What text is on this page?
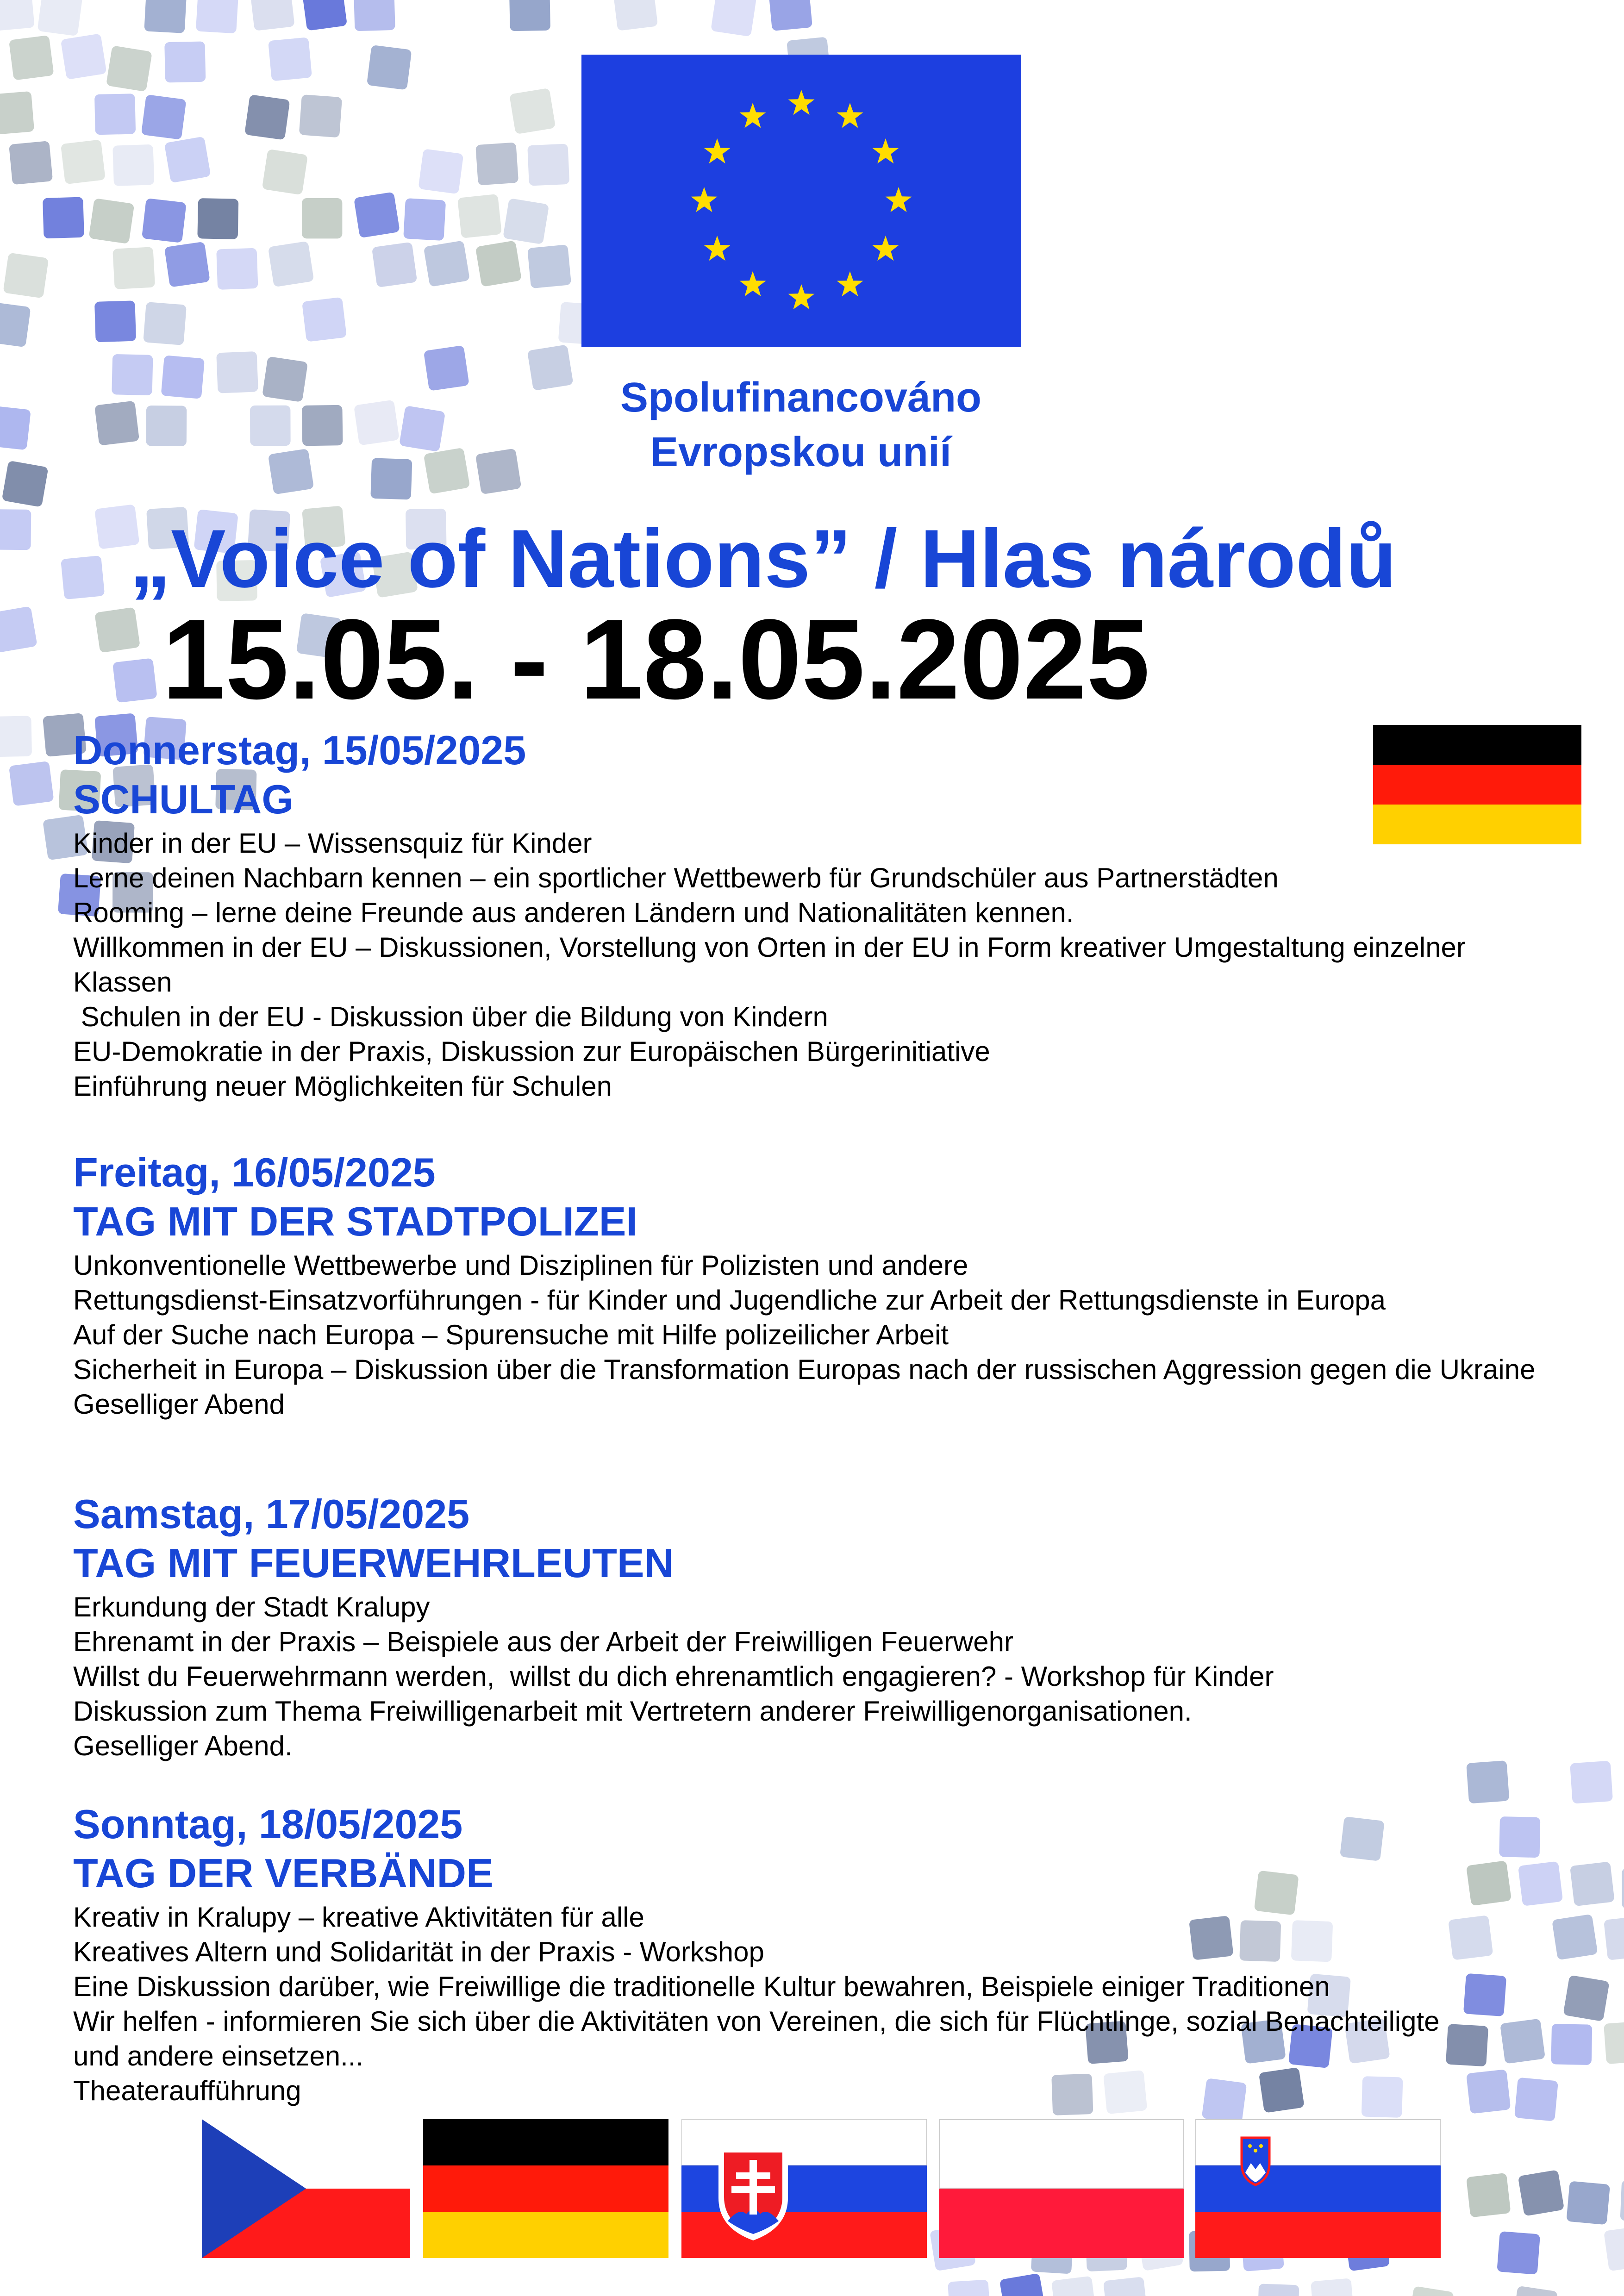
Spolufinancováno
Evropskou unií
„Voice of Nations” / Hlas národů
15.05. - 18.05.2025
Donnerstag, 15/05/2025
SCHULTAG
Kinder in der EU – Wissensquiz für Kinder
Lerne deinen Nachbarn kennen – ein sportlicher Wettbewerb für Grundschüler aus Partnerstädten
Rooming – lerne deine Freunde aus anderen Ländern und Nationalitäten kennen.
Willkommen in der EU – Diskussionen, Vorstellung von Orten in der EU in Form kreativer Umgestaltung einzelner Klassen
Schulen in der EU - Diskussion über die Bildung von Kindern
EU-Demokratie in der Praxis, Diskussion zur Europäischen Bürgerinitiative
Einführung neuer Möglichkeiten für Schulen
Freitag, 16/05/2025
TAG MIT DER STADTPOLIZEI
Unkonventionelle Wettbewerbe und Disziplinen für Polizisten und andere
Rettungsdienst-Einsatzvorführungen - für Kinder und Jugendliche zur Arbeit der Rettungsdienste in Europa
Auf der Suche nach Europa – Spurensuche mit Hilfe polizeilicher Arbeit
Sicherheit in Europa – Diskussion über die Transformation Europas nach der russischen Aggression gegen die Ukraine
Geselliger Abend
Samstag, 17/05/2025
TAG MIT FEUERWEHRLEUTEN
Erkundung der Stadt Kralupy
Ehrenamt in der Praxis – Beispiele aus der Arbeit der Freiwilligen Feuerwehr
Willst du Feuerwehrmann werden,  willst du dich ehrenamtlich engagieren? - Workshop für Kinder
Diskussion zum Thema Freiwilligenarbeit mit Vertretern anderer Freiwilligenorganisationen.
Geselliger Abend.
Sonntag, 18/05/2025
TAG DER VERBÄNDE
Kreativ in Kralupy – kreative Aktivitäten für alle
Kreatives Altern und Solidarität in der Praxis - Workshop
Eine Diskussion darüber, wie Freiwillige die traditionelle Kultur bewahren, Beispiele einiger Traditionen
Wir helfen - informieren Sie sich über die Aktivitäten von Vereinen, die sich für Flüchtlinge, sozial Benachteiligte und andere einsetzen...
Theateraufführung
